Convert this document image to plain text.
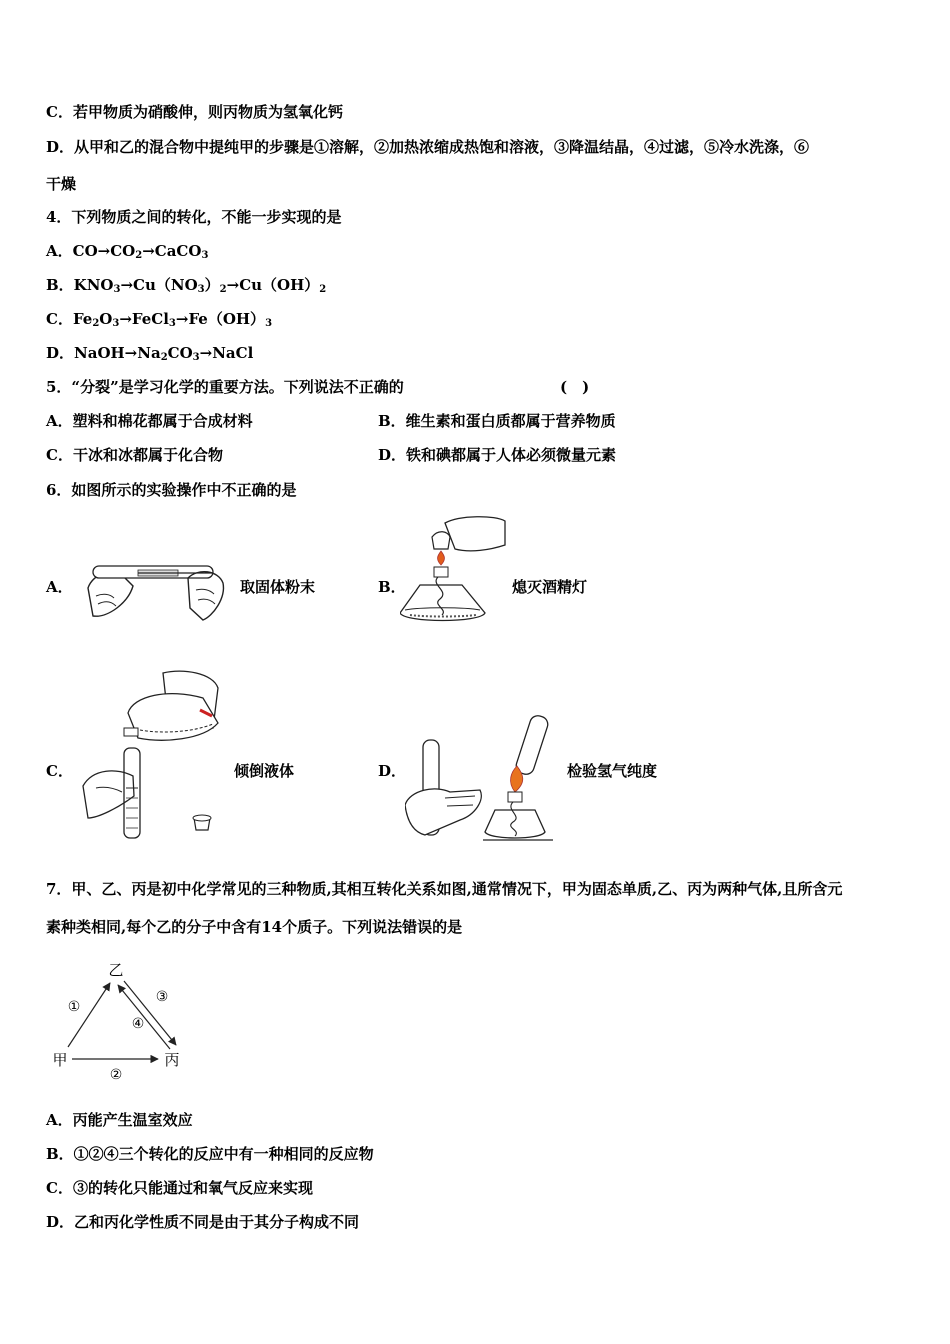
C．若甲物质为硝酸伸，则丙物质为氢氧化钙
D．从甲和乙的混合物中提纯甲的步骤是①溶解，②加热浓缩成热饱和溶液，③降温结晶，④过滤，⑤冷水洗涤，⑥
干燥
4．下列物质之间的转化，不能一步实现的是
A．$CO\to CO_2\to CaCO_3$
B．$KNO_3\to Cu(NO_3)_2\to Cu(OH)_2$
C．$Fe_2O_3\to FeCl_3\to Fe(OH)_3$
D．$NaOH\to Na_2CO_3\to NaCl$
5．“分裂”是学习化学的重要方法。下列说法不正确的	(　)
A．塑料和棉花都属于合成材料	B．维生素和蛋白质都属于营养物质
C．干冰和冰都属于化合物	D．铁和碘都属于人体必须微量元素
6．如图所示的实验操作中不正确的是
A．	取固体粉末	B．	熄灭酒精灯
C．	倾倒液体	D．	检验氢气纯度
7．甲、乙、丙是初中化学常见的三种物质,其相互转化关系如图,通常情况下，甲为固态单质,乙、丙为两种气体,且所含元
素种类相同,每个乙的分子中含有14个质子。下列说法错误的是
乙
甲	丙
①
②
③
④
A．丙能产生温室效应
B．①②④三个转化的反应中有一种相同的反应物
C．③的转化只能通过和氧气反应来实现
D．乙和丙化学性质不同是由于其分子构成不同
